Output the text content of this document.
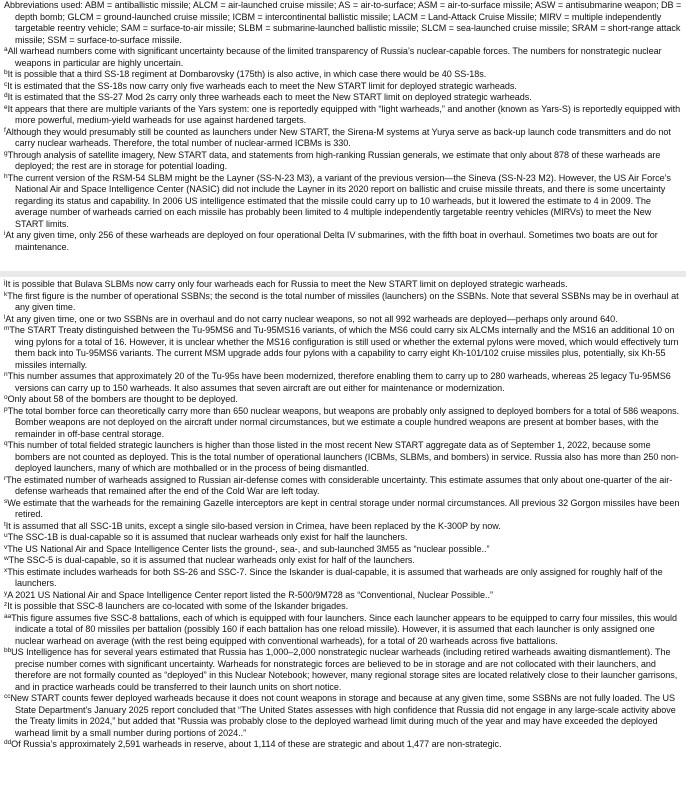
Abbreviations used: ABM = antiballistic missile; ALCM = air-launched cruise missile; AS = air-to-surface; ASM = air-to-surface missile; ASW = antisubmarine weapon; DB = depth bomb; GLCM = ground-launched cruise missile; ICBM = intercontinental ballistic missile; LACM = Land-Attack Cruise Missile; MIRV = multiple independently targetable reentry vehicle; SAM = surface-to-air missile; SLBM = submarine-launched ballistic missile; SLCM = sea-launched cruise missile; SRAM = short-range attack missile; SSM = surface-to-surface missile.

$^a$All warhead numbers come with significant uncertainty because of the limited transparency of Russia’s nuclear-capable forces. The numbers for nonstrategic nuclear weapons in particular are highly uncertain.

$^b$It is possible that a third SS-18 regiment at Dombarovsky (175th) is also active, in which case there would be 40 SS-18s.

$^c$It is estimated that the SS-18s now carry only five warheads each to meet the New START limit for deployed strategic warheads.

$^d$It is estimated that the SS-27 Mod 2s carry only three warheads each to meet the New START limit on deployed strategic warheads.

$^e$It appears that there are multiple variants of the Yars system: one is reportedly equipped with “light warheads,” and another (known as Yars-S) is reportedly equipped with more powerful, medium-yield warheads for use against hardened targets.

$^f$Although they would presumably still be counted as launchers under New START, the Sirena-M systems at Yurya serve as back-up launch code transmitters and do not carry nuclear warheads. Therefore, the total number of nuclear-armed ICBMs is 330.

$^g$Through analysis of satellite imagery, New START data, and statements from high-ranking Russian generals, we estimate that only about 878 of these warheads are deployed; the rest are in storage for potential loading.

$^h$The current version of the RSM-54 SLBM might be the Layner (SS-N-23 M3), a variant of the previous version—the Sineva (SS-N-23 M2). However, the US Air Force’s National Air and Space Intelligence Center (NASIC) did not include the Layner in its 2020 report on ballistic and cruise missile threats, and there is some uncertainty regarding its status and capability. In 2006 US intelligence estimated that the missile could carry up to 10 warheads, but it lowered the estimate to 4 in 2009. The average number of warheads carried on each missile has probably been limited to 4 multiple independently targetable reentry vehicles (MIRVs) to meet the New START limits.

$^i$At any given time, only 256 of these warheads are deployed on four operational Delta IV submarines, with the fifth boat in overhaul. Sometimes two boats are out for maintenance.

$^j$It is possible that Bulava SLBMs now carry only four warheads each for Russia to meet the New START limit on deployed strategic warheads.

$^k$The first figure is the number of operational SSBNs; the second is the total number of missiles (launchers) on the SSBNs. Note that several SSBNs may be in overhaul at any given time.

$^l$At any given time, one or two SSBNs are in overhaul and do not carry nuclear weapons, so not all 992 warheads are deployed—perhaps only around 640.

$^m$The START Treaty distinguished between the Tu-95MS6 and Tu-95MS16 variants, of which the MS6 could carry six ALCMs internally and the MS16 an additional 10 on wing pylons for a total of 16. However, it is unclear whether the MS16 configuration is still used or whether the external pylons were moved, which would effectively turn them back into Tu-95MS6 variants. The current MSM upgrade adds four pylons with a capability to carry eight Kh-101/102 cruise missiles plus, potentially, six Kh-55 missiles internally.

$^n$This number assumes that approximately 20 of the Tu-95s have been modernized, therefore enabling them to carry up to 280 warheads, whereas 25 legacy Tu-95MS6 versions can carry up to 150 warheads. It also assumes that seven aircraft are out either for maintenance or modernization.

$^o$Only about 58 of the bombers are thought to be deployed.

$^p$The total bomber force can theoretically carry more than 650 nuclear weapons, but weapons are probably only assigned to deployed bombers for a total of 586 weapons. Bomber weapons are not deployed on the aircraft under normal circumstances, but we estimate a couple hundred weapons are present at bomber bases, with the remainder in off-base central storage.

$^q$This number of total fielded strategic launchers is higher than those listed in the most recent New START aggregate data as of September 1, 2022, because some bombers are not counted as deployed. This is the total number of operational launchers (ICBMs, SLBMs, and bombers) in service. Russia also has more than 250 non-deployed launchers, many of which are mothballed or in the process of being dismantled.

$^r$The estimated number of warheads assigned to Russian air-defense comes with considerable uncertainty. This estimate assumes that only about one-quarter of the air-defense warheads that remained after the end of the Cold War are left today.

$^s$We estimate that the warheads for the remaining Gazelle interceptors are kept in central storage under normal circumstances. All previous 32 Gorgon missiles have been retired.

$^t$It is assumed that all SSC-1B units, except a single silo-based version in Crimea, have been replaced by the K-300P by now.

$^u$The SSC-1B is dual-capable so it is assumed that nuclear warheads only exist for half the launchers.

$^v$The US National Air and Space Intelligence Center lists the ground-, sea-, and sub-launched 3M55 as “nuclear possible..”

$^w$The SSC-5 is dual-capable, so it is assumed that nuclear warheads only exist for half of the launchers.

$^x$This estimate includes warheads for both SS-26 and SSC-7. Since the Iskander is dual-capable, it is assumed that warheads are only assigned for roughly half of the launchers.

$^y$A 2021 US National Air and Space Intelligence Center report listed the R-500/9M728 as “Conventional, Nuclear Possible..”

$^z$It is possible that SSC-8 launchers are co-located with some of the Iskander brigades.

$^{aa}$This figure assumes five SSC-8 battalions, each of which is equipped with four launchers. Since each launcher appears to be equipped to carry four missiles, this would indicate a total of 80 missiles per battalion (possibly 160 if each battalion has one reload missile). However, it is assumed that each launcher is only assigned one nuclear warhead on average (with the rest being equipped with conventional warheads), for a total of 20 warheads across five battalions.

$^{bb}$US Intelligence has for several years estimated that Russia has 1,000–2,000 nonstrategic nuclear warheads (including retired warheads awaiting dismantlement). The precise number comes with significant uncertainty. Warheads for nonstrategic forces are believed to be in storage and are not collocated with their launchers, and therefore are not formally counted as “deployed” in this Nuclear Notebook; however, many regional storage sites are located relatively close to their launcher garrisons, and in practice warheads could be transferred to their launch units on short notice.

$^{cc}$New START counts fewer deployed warheads because it does not count weapons in storage and because at any given time, some SSBNs are not fully loaded. The US State Department’s January 2025 report concluded that “The United States assesses with high confidence that Russia did not engage in any large-scale activity above the Treaty limits in 2024,” but added that “Russia was probably close to the deployed warhead limit during much of the year and may have exceeded the deployed warhead limit by a small number during portions of 2024..”

$^{dd}$Of Russia’s approximately 2,591 warheads in reserve, about 1,114 of these are strategic and about 1,477 are non-strategic.
